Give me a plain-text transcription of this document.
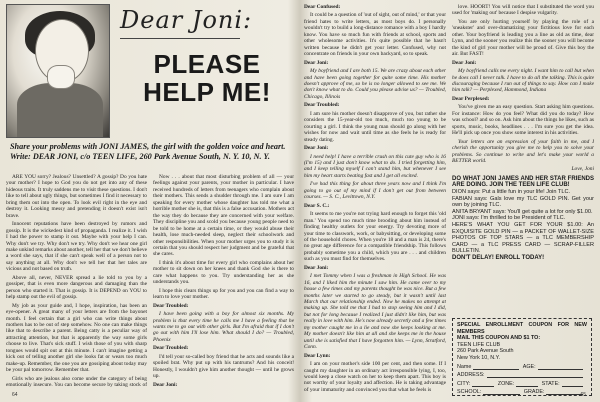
Dear Joni:
PLEASE HELP ME!
Share your problems with JONI JAMES, the girl with the golden voice and heart. Write: DEAR JONI, c/o TEEN LIFE, 260 Park Avenue South, N. Y. 10, N. Y.

ARE YOU sorry? Jealous? Unsettled? A gossip? Do you hate your mother? I hope to God you do not get into any of these hideous traits. It truly saddens me to visit these questions. I don't like to tell about ugly things, but sometimes I find it necessary to bring them out into the open. To look evil right in the eye and destroy it. Looking messy and pretending it doesn't exist isn't brave.

Innocent reputations have been destroyed by rumors and gossip. It is the wickedest kind of propaganda. I realize it. I wish I had the power to stamp it out. Maybe with your help I can. Why don't we try. Why don't we try. Why don't we hear one girl make unkind remarks about another, tell her that we don't believe a word she says, that if she can't speak well of a person not to say anything at all. Why don't we tell her that her tales are vicious and not based on truth.

Above all, never, NEVER spread a lie told to you by a gossiper, that is even more dangerous and damaging than the person who started it. That is gossip. It is DEPEND on YOU to help stamp out the evil of gossip.

My job as your guide and, I hope, inspiration, has been an eye-opener. A great many of your letters are from the bayonet month. I feel certain that a girl who can write things about mothers has to be out of step somehow. No one can make things like that to describe a parent. Being catty is a peculiar way of attracting attention, but that is apparently the way some girls choose to live. That's sick stuff. I wish those of you with sharp tongues would spit out at this minute. I can't imagine getting a kick out of telling another girl she looks fat or wears too much make-up. Remember, the one you are gossiping about today may be your pal tomorrow. Remember that.

Girls who are jealous also come under the category of being emotionally insecure. You can become secure by taking stock of

Now . . . about that most disturbing problem of all — your feelings against your parents, your mother in particular. I have received hundreds of letters from teenagers who complain about their mothers. This sends a shudder through me. I am sure I am speaking for every mother whose daughter has told me what a horrible mother she is, that this is a false accusation. Mothers act the way they do because they are concerned with your welfare. They discipline you and scold you because young people need to be told to be home at a certain time, or they would abuse their health, lose much-needed sleep, neglect their schoolwork and other responsibilities. When your mother urges you to study it is certain that you should respect her judgment and be grateful that she cares.

I think it's about time for every girl who complains about her mother to sit down on her knees and thank God she is there to care what happens to you. Try understanding her as she understands you.

I hope this clears things up for you and you can find a way to learn to love your mother.

Dear Troubled:

I have been going with a boy for almost six months. My problem is that every time he calls me I have a feeling that he wants me to go out with other girls. But I'm afraid that if I don't go out with him I'll lose him. What should I do? — Troubled, Phoenix

Dear Troubled:

I'd tell your so-called boy friend that he acts and sounds like a spoiled brat. Why put up with his tantrums? And his conceit! Honestly, I wouldn't give him another thought — until he grows up.

Dear Joni:

64

Dear Confused:

It could be a question of 'out of sight, out of mind,' or that your friend hates to write letters, as most boys do. I personally wouldn't try to build a long-distance romance with a boy I hardly know. You have so much fun with friends at school, sports and other wholesome activities. It's quite possible that he hasn't written because he didn't get your letter. Confused, why not concentrate on friends in your own backyard, so to speak.

Dear Joni:

My boyfriend and I are both 15. We are crazy about each other and have been going together for quite some time. His mother doesn't approve of me, so he is no longer allowed to see me. We don't know what to do. Could you please advise us? — Troubled, Chicago, Illinois

Dear Troubled:

I am sure his mother doesn't disapprove of you, but rather she considers the 15-year-old too much, much too young to be courting a girl. I think the young man should go along with her wishes for now and wait until time as she feels he is ready for steady dating.

Dear Joni:

I need help! I have a terrible crush on this cute guy who is 16 (I'm 15) and I just don't know what to do. I tried forgetting him, and I keep telling myself I can't stand him, but whenever I see him my heart starts beating fast and I get all excited.

I've had this thing for about three years now and I think I'm going to go out of my mind if I don't get out from between courses. — S. C., Levittown, N.Y.

Dear S. C.:

It seems to me you're not trying hard enough to forget this 'old man.' You spend too much time brooding about him instead of finding healthy outlets for your energy. Try devoting more of your time to classwork, work, or babysitting, or developing some of the household chores. When you're 18 and a man is 24, there's no great age difference for a compatible friendship. This follows probably sometime you a child, which you are . . . and children such as you must find for themselves.

Dear Joni:

I met Tommy when I was a freshman in High School. He was 16, and I liked him the minute I saw him. He came over to my house a few times and my parents thought he was nice. But a few months later we started to go steady, but it wasn't until last March that our relationship ended. Now he makes no attempt at making up. She told me that I had to stop seeing him and I did, but not for long because I realized I just didn't like him, but was really in love with him. He's now already secretly and a few times my mother caught me in a lie and now she keeps looking at me. My mother doesn't like him at all and she keeps me in the house until she is satisfied that I have forgotten him. — Lynn, Stratford, Conn.

Dear Lynn:

I am on your mother's side 100 per cent, and then some. If I caught my daughter in an ordinary act irresponsible lying, I, too, would keep a close watch on her to keep them apart. This boy is not worthy of your loyalty and affection. He is taking advantage of your immaturity and convinced you that what he feels is

love. HOORT! You will notice that I substituted the word you used for 'making out' because I despise vulgarity.

You are only hurting yourself by playing the role of a 'sneakster' and over-dramatizing your fictitious love for each other. Your boyfriend is leading you a line as old as time, dear Lynn, and the sooner you realize this the sooner you will become the kind of girl your mother will be proud of. Give this boy the air. But FAST!

Dear Joni:

My boyfriend calls me every night. I want him to call but when he does call I never talk. I have to do all the talking. This is quite discouraging because I run out of things to say. How can I make him talk? — Perplexed, Hammond, Indiana

Dear Perplexed:

You've given me an easy question. Start asking him questions. For instance: How do you feel? What did you do today? How was school? and so on. Ask him about the things he likes, such as sports, music, books, headlines . . . I'm sure you get the idea. He'll pick up once you show some interest in his activities.

Your letters are an expression of your faith in me, and I cherish the opportunity you give me to help you to solve your problems. So continue to write and let's make your world a BETTER world.

Love, Joni

DO WHAT JONI JAMES AND HER STAR FRIENDS ARE DOING. JOIN THE TEEN LIFE CLUB!
DION says: Put a little fun in your life! Join TLC.
FABIAN says: Gals love my TLC GOLD PIN. Get your own by joining TLC.
ANITA BRYANT says: You'll get quite a lot for only $1.00.
JONI says: I'm thrilled to be President of TLC.
HERE'S WHAT YOU GET FOR YOUR $1.00: An EXQUISITE GOLD PIN — a PACKET OF WALLET-SIZE PHOTOS OF TOP STARS — a TLC MEMBERSHIP CARD — a TLC PRESS CARD — SCRAP-FILLER BULLETIN.
DON'T DELAY! ENROLL TODAY!
SPECIAL ENROLLMENT COUPON FOR NEW MEMBERS
MAIL THIS COUPON AND $1 TO:
TEEN LIFE CLUB
260 Park Avenue South
New York 10, N.Y.
Name	AGE:
ADDRESS:
CITY:	ZONE:	STATE:
SCHOOL:	GRADE:	65
